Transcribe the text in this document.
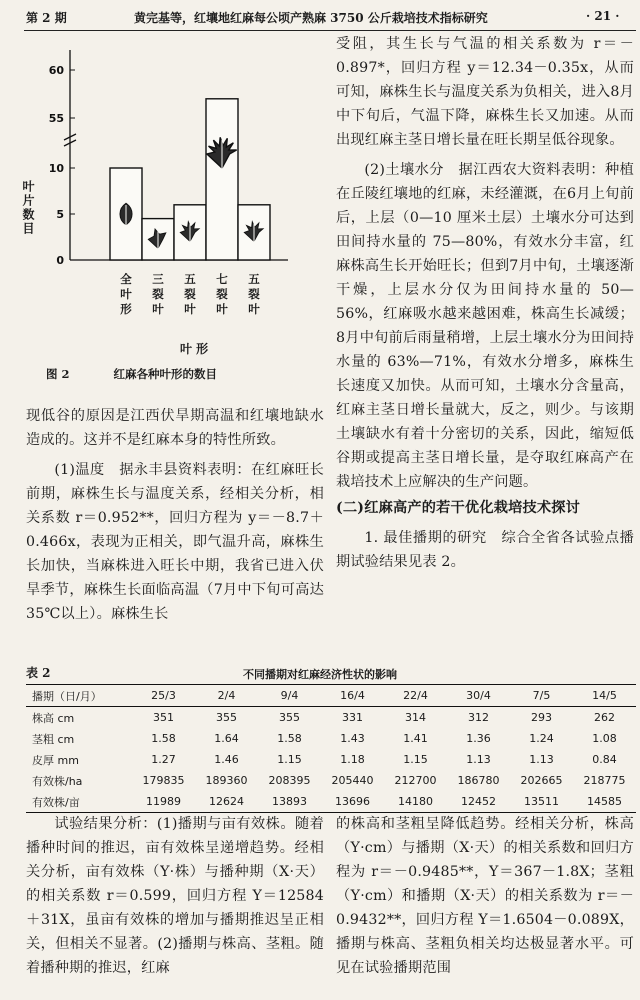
第 2 期	黄完基等，红壤地红麻每公顷产熟麻 3750 公斤栽培技术指标研究	· 21 ·
0
5
10
55
60
叶片数目
全叶形
三裂叶
五裂叶
七裂叶
五裂叶
叶 形
图 2	红麻各种叶形的数目

现低谷的原因是江西伏旱期高温和红壤地缺水造成的。这并不是红麻本身的特性所致。

(1)温度　据永丰县资料表明：在红麻旺长前期，麻株生长与温度关系，经相关分析，相关系数 r＝0.952**，回归方程为 y＝－8.7＋0.466x，表现为正相关，即气温升高，麻株生长加快，当麻株进入旺长中期，我省已进入伏旱季节，麻株生长面临高温（7月中下旬可高达 35℃以上）。麻株生长

受阻，其生长与气温的相关系数为 r＝－0.897*，回归方程 y＝12.34－0.35x，从而可知，麻株生长与温度关系为负相关，进入8月中下旬后，气温下降，麻株生长又加速。从而出现红麻主茎日增长量在旺长期呈低谷现象。

(2)土壤水分　据江西农大资料表明：种植在丘陵红壤地的红麻，未经灌溉，在6月上旬前后，上层（0—10 厘米土层）土壤水分可达到田间持水量的 75—80%，有效水分丰富，红麻株高生长开始旺长；但到7月中旬，土壤逐渐干燥，上层水分仅为田间持水量的 50—56%，红麻吸水越来越困难，株高生长减缓；8月中旬前后雨量稍增，上层土壤水分为田间持水量的 63%—71%，有效水分增多，麻株生长速度又加快。从而可知，土壤水分含量高，红麻主茎日增长量就大，反之，则少。与该期土壤缺水有着十分密切的关系，因此，缩短低谷期或提高主茎日增长量，是夺取红麻高产在栽培技术上应解决的生产问题。

(二)红麻高产的若干优化栽培技术探讨

1. 最佳播期的研究　综合全省各试验点播期试验结果见表 2。

表 2	不同播期对红麻经济性状的影响
播期（日/月）	25/3	2/4	9/4	16/4	22/4	30/4	7/5	14/5
株高 cm	351	355	355	331	314	312	293	262
茎粗 cm	1.58	1.64	1.58	1.43	1.41	1.36	1.24	1.08
皮厚 mm	1.27	1.46	1.15	1.18	1.15	1.13	1.13	0.84
有效株/ha	179835	189360	208395	205440	212700	186780	202665	218775
有效株/亩	11989	12624	13893	13696	14180	12452	13511	14585

试验结果分析：(1)播期与亩有效株。随着播种时间的推迟，亩有效株呈递增趋势。经相关分析，亩有效株（Y·株）与播种期（X·天）的相关系数 r＝0.599，回归方程 Y＝12584＋31X，虽亩有效株的增加与播期推迟呈正相关，但相关不显著。(2)播期与株高、茎粗。随着播种期的推迟，红麻

的株高和茎粗呈降低趋势。经相关分析，株高（Y·cm）与播期（X·天）的相关系数和回归方程为 r＝－0.9485**，Y＝367－1.8X；茎粗（Y·cm）和播期（X·天）的相关系数为 r＝－0.9432**，回归方程 Y＝1.6504－0.089X，播期与株高、茎粗负相关均达极显著水平。可见在试验播期范围
